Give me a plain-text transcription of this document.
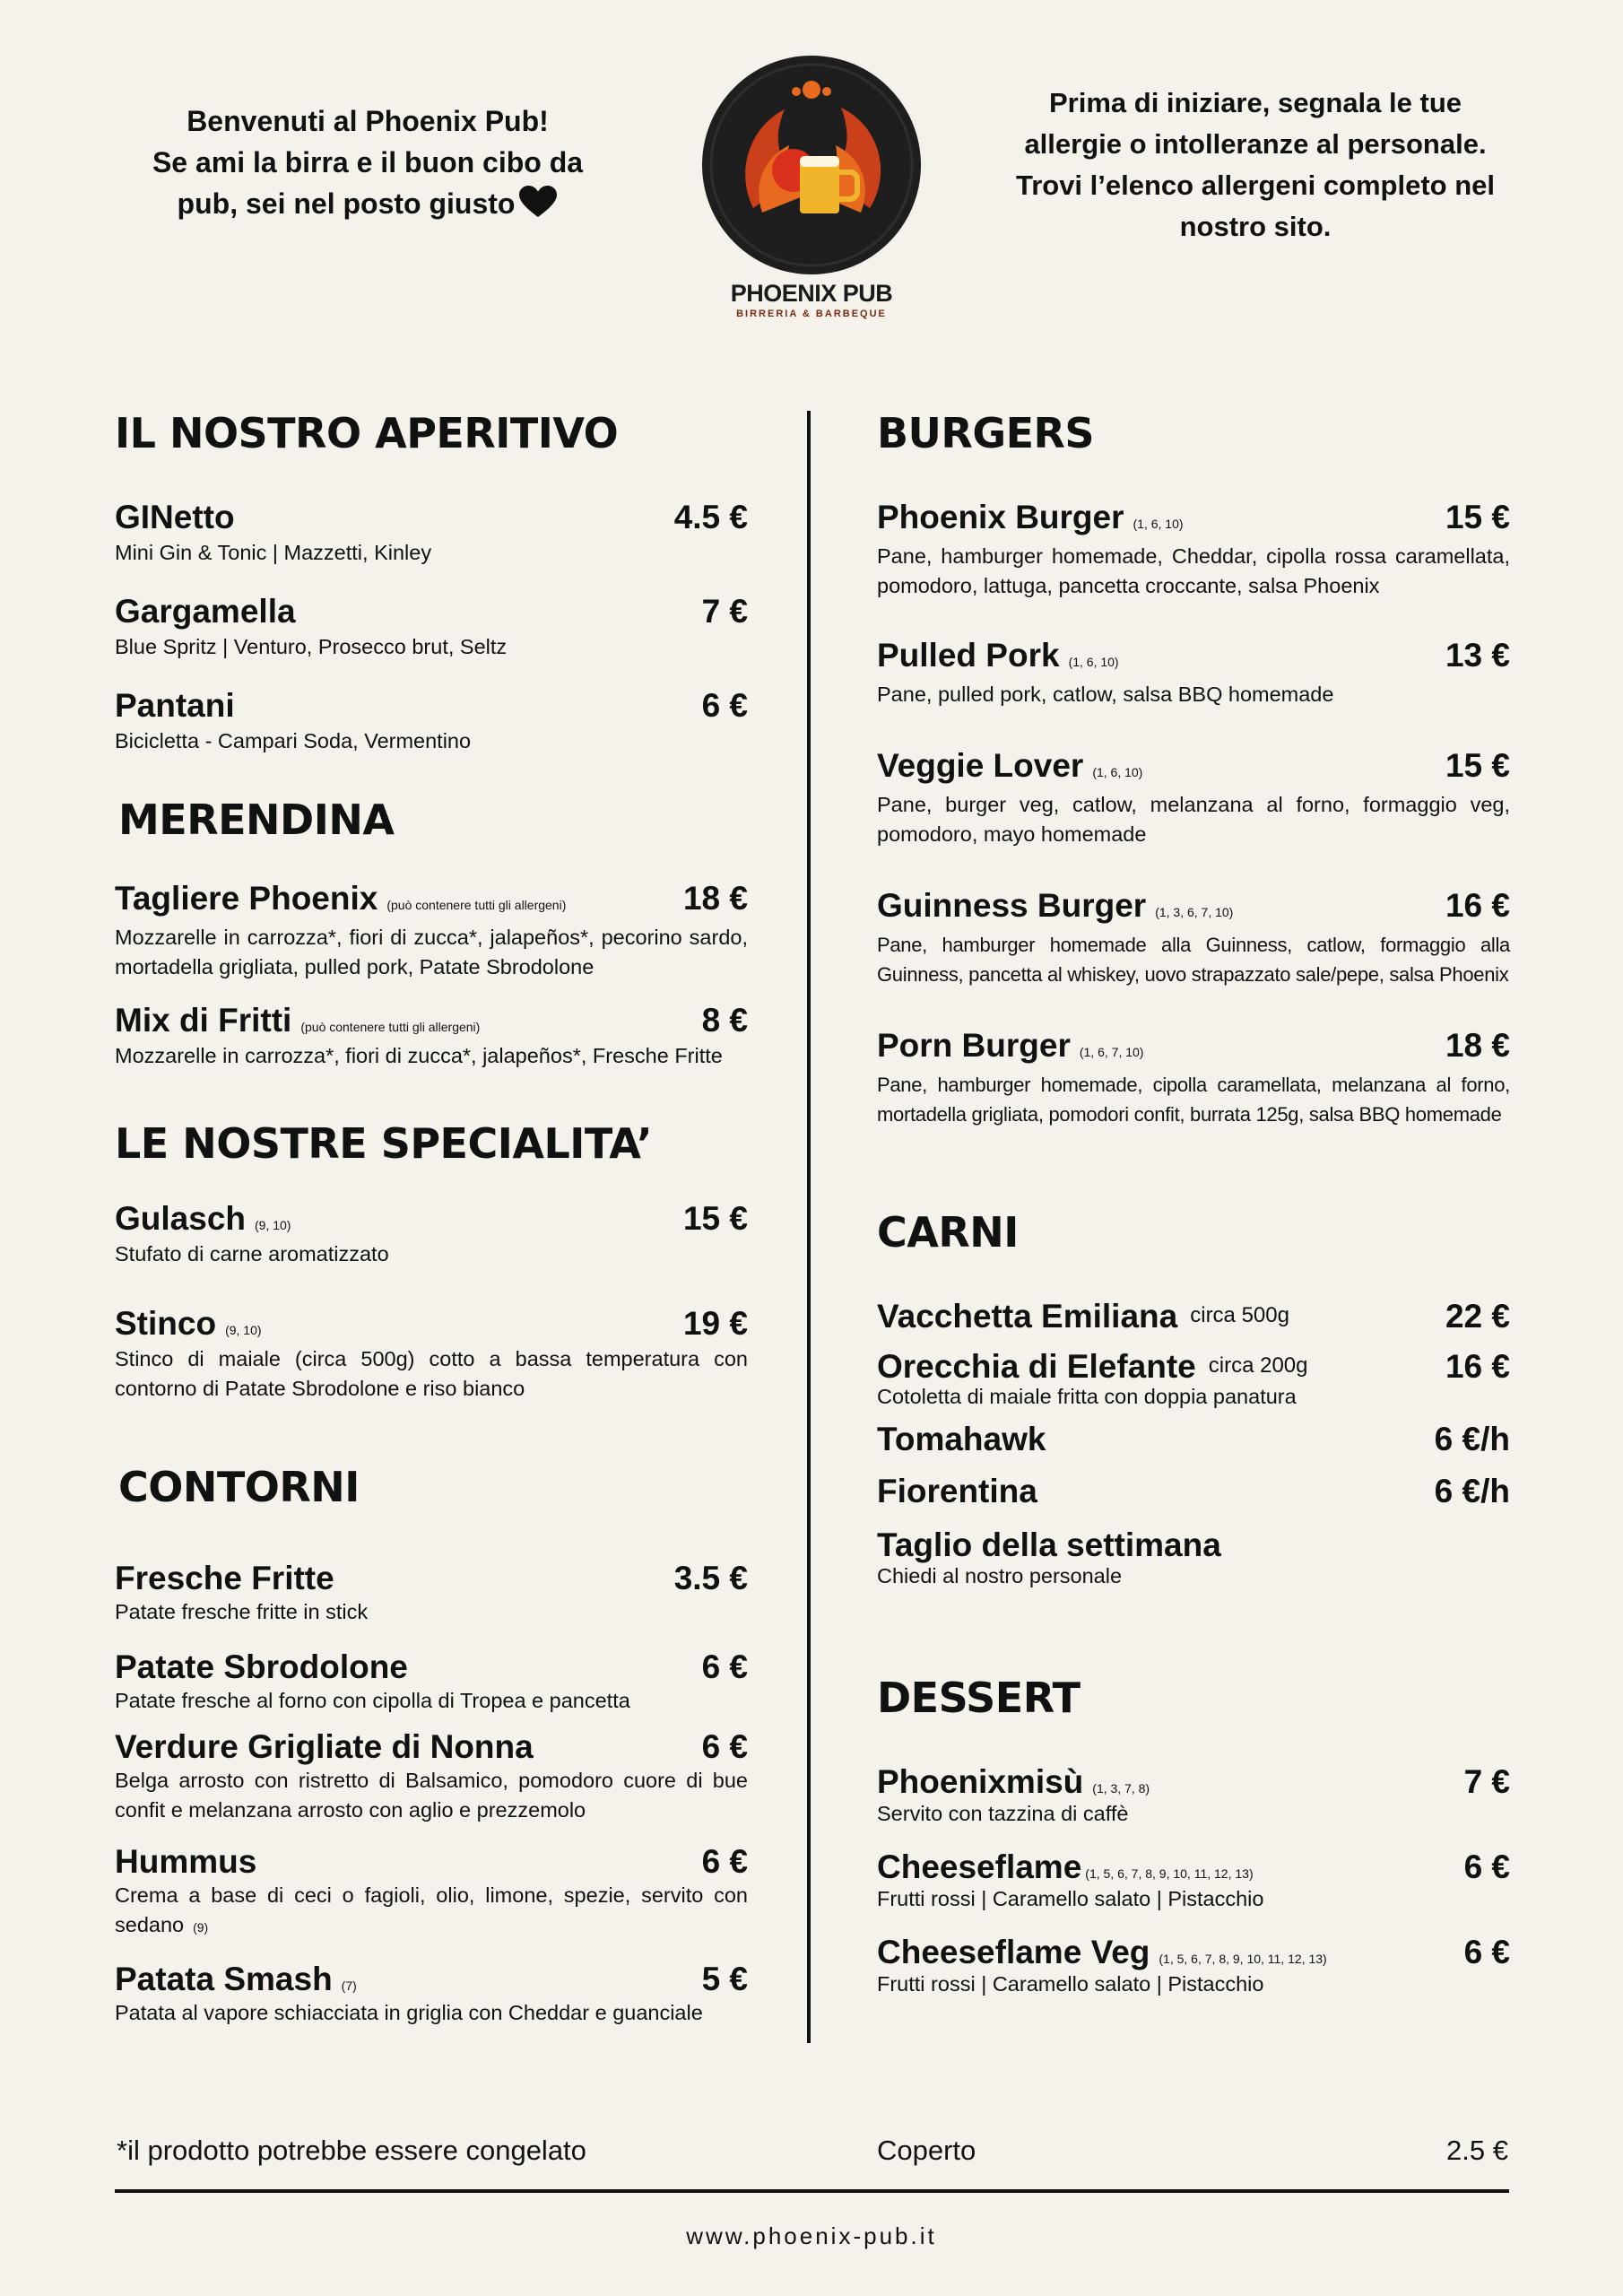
Benvenuti al Phoenix Pub!
Se ami la birra e il buon cibo da
pub, sei nel posto giusto
PHOENIX PUB
BIRRERIA & BARBEQUE
Prima di iniziare, segnala le tue
allergie o intolleranze al personale.
Trovi l’elenco allergeni completo nel
nostro sito.
IL NOSTRO APERITIVO
GINetto	4.5 €
Mini Gin & Tonic | Mazzetti, Kinley
Gargamella	7 €
Blue Spritz | Venturo, Prosecco brut, Seltz
Pantani	6 €
Bicicletta - Campari Soda, Vermentino
MERENDINA
Tagliere Phoenix (può contenere tutti gli allergeni)	18 €
Mozzarelle in carrozza*, fiori di zucca*, jalapeños*, pecorino sardo, mortadella grigliata, pulled pork, Patate Sbrodolone
Mix di Fritti (può contenere tutti gli allergeni)	8 €
Mozzarelle in carrozza*, fiori di zucca*, jalapeños*, Fresche Fritte
LE NOSTRE SPECIALITA’
Gulasch (9, 10)	15 €
Stufato di carne aromatizzato
Stinco (9, 10)	19 €
Stinco di maiale (circa 500g) cotto a bassa temperatura con contorno di Patate Sbrodolone e riso bianco
CONTORNI
Fresche Fritte	3.5 €
Patate fresche fritte in stick
Patate Sbrodolone	6 €
Patate fresche al forno con cipolla di Tropea e pancetta
Verdure Grigliate di Nonna	6 €
Belga arrosto con ristretto di Balsamico, pomodoro cuore di bue confit e melanzana arrosto con aglio e prezzemolo
Hummus	6 €
Crema a base di ceci o fagioli, olio, limone, spezie, servito con sedano (9)
Patata Smash (7)	5 €
Patata al vapore schiacciata in griglia con Cheddar e guanciale
BURGERS
Phoenix Burger (1, 6, 10)	15 €
Pane, hamburger homemade, Cheddar, cipolla rossa caramellata, pomodoro, lattuga, pancetta croccante, salsa Phoenix
Pulled Pork (1, 6, 10)	13 €
Pane, pulled pork, catlow, salsa BBQ homemade
Veggie Lover (1, 6, 10)	15 €
Pane, burger veg, catlow, melanzana al forno, formaggio veg, pomodoro, mayo homemade
Guinness Burger (1, 3, 6, 7, 10)	16 €
Pane, hamburger homemade alla Guinness, catlow, formaggio alla Guinness, pancetta al whiskey, uovo strapazzato sale/pepe, salsa Phoenix
Porn Burger (1, 6, 7, 10)	18 €
Pane, hamburger homemade, cipolla caramellata, melanzana al forno, mortadella grigliata, pomodori confit, burrata 125g, salsa BBQ homemade
CARNI
Vacchetta Emiliana circa 500g	22 €
Orecchia di Elefante circa 200g	16 €
Cotoletta di maiale fritta con doppia panatura
Tomahawk	6 €/h
Fiorentina	6 €/h
Taglio della settimana
Chiedi al nostro personale
DESSERT
Phoenixmisù (1, 3, 7, 8)	7 €
Servito con tazzina di caffè
Cheeseflame (1, 5, 6, 7, 8, 9, 10, 11, 12, 13)	6 €
Frutti rossi | Caramello salato | Pistacchio
Cheeseflame Veg (1, 5, 6, 7, 8, 9, 10, 11, 12, 13)	6 €
Frutti rossi | Caramello salato | Pistacchio
*il prodotto potrebbe essere congelato	Coperto	2.5 €
www.phoenix-pub.it
